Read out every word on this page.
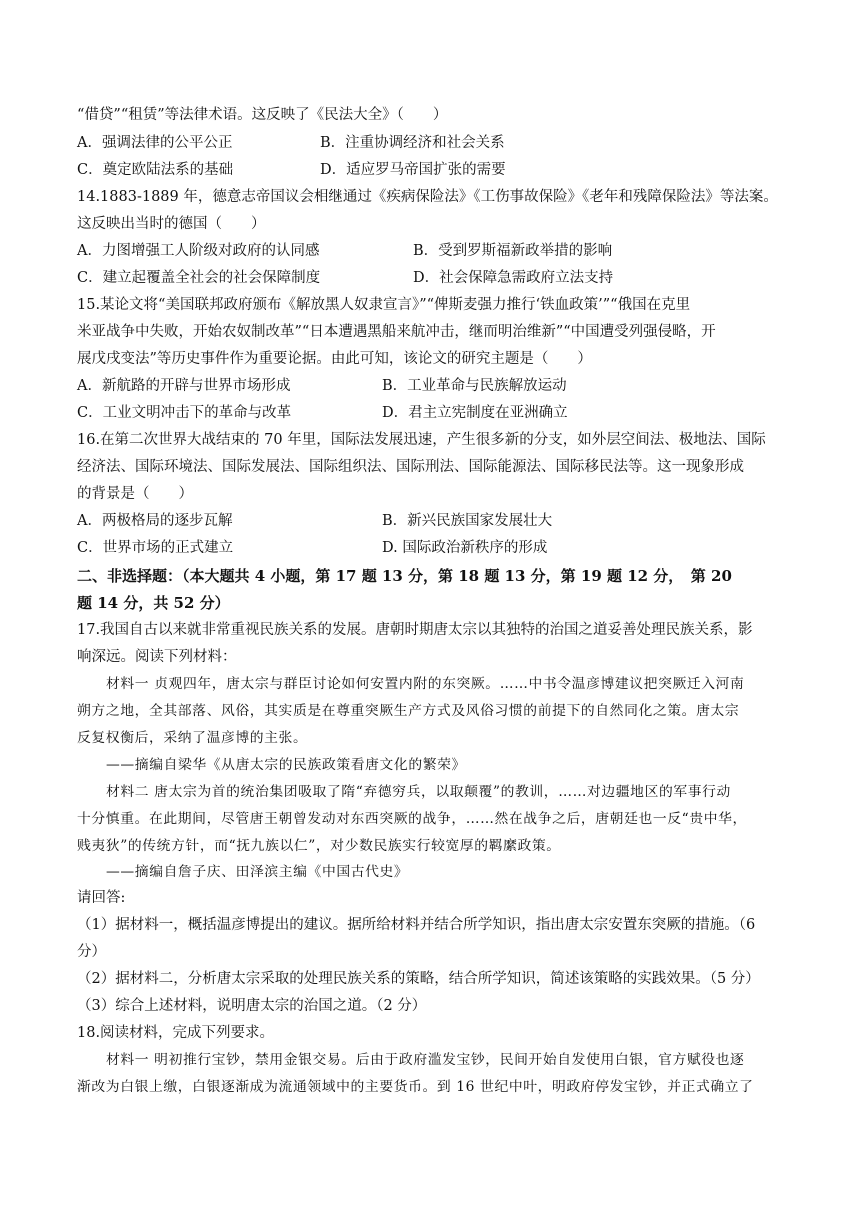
“借贷”“租赁”等法律术语。这反映了《民法大全》（　　）
A．强调法律的公平公正	B．注重协调经济和社会关系
C．奠定欧陆法系的基础	D．适应罗马帝国扩张的需要
14.1883-1889 年，德意志帝国议会相继通过《疾病保险法》《工伤事故保险》《老年和残障保险法》等法案。
这反映出当时的德国（　　）
A．力图增强工人阶级对政府的认同感	B．受到罗斯福新政举措的影响
C．建立起覆盖全社会的社会保障制度	D．社会保障急需政府立法支持
15.某论文将“美国联邦政府颁布《解放黑人奴隶宣言》”“俾斯麦强力推行‘铁血政策’”“俄国在克里
米亚战争中失败，开始农奴制改革”“日本遭遇黑船来航冲击，继而明治维新”“中国遭受列强侵略，开
展戊戌变法”等历史事件作为重要论据。由此可知，该论文的研究主题是（　　）
A．新航路的开辟与世界市场形成	B．工业革命与民族解放运动
C．工业文明冲击下的革命与改革	D．君主立宪制度在亚洲确立
16.在第二次世界大战结束的 70 年里，国际法发展迅速，产生很多新的分支，如外层空间法、极地法、国际
经济法、国际环境法、国际发展法、国际组织法、国际刑法、国际能源法、国际移民法等。这一现象形成
的背景是（　　）
A．两极格局的逐步瓦解	B．新兴民族国家发展壮大
C．世界市场的正式建立	D. 国际政治新秩序的形成
二、非选择题：（本大题共 4 小题，第 17 题 13 分，第 18 题 13 分，第 19 题 12 分，　第 20
题 14 分，共 52 分）
17.我国自古以来就非常重视民族关系的发展。唐朝时期唐太宗以其独特的治国之道妥善处理民族关系，影
响深远。阅读下列材料：
材料一 贞观四年，唐太宗与群臣讨论如何安置内附的东突厥。……中书令温彦博建议把突厥迁入河南
朔方之地，全其部落、风俗，其实质是在尊重突厥生产方式及风俗习惯的前提下的自然同化之策。唐太宗
反复权衡后，采纳了温彦博的主张。
——摘编自梁华《从唐太宗的民族政策看唐文化的繁荣》
材料二 唐太宗为首的统治集团吸取了隋“弃德穷兵，以取颠覆”的教训，……对边疆地区的军事行动
十分慎重。在此期间，尽管唐王朝曾发动对东西突厥的战争，……然在战争之后，唐朝廷也一反“贵中华，
贱夷狄”的传统方针，而“抚九族以仁”，对少数民族实行较宽厚的羁縻政策。
——摘编自詹子庆、田泽滨主编《中国古代史》
请回答:
（1）据材料一，概括温彦博提出的建议。据所给材料并结合所学知识，指出唐太宗安置东突厥的措施。（6
分）
（2）据材料二，分析唐太宗采取的处理民族关系的策略，结合所学知识，简述该策略的实践效果。（5 分）
（3）综合上述材料，说明唐太宗的治国之道。（2 分）
18.阅读材料，完成下列要求。
材料一 明初推行宝钞，禁用金银交易。后由于政府滥发宝钞，民间开始自发使用白银，官方赋役也逐
渐改为白银上缴，白银逐渐成为流通领域中的主要货币。到 16 世纪中叶，明政府停发宝钞，并正式确立了
